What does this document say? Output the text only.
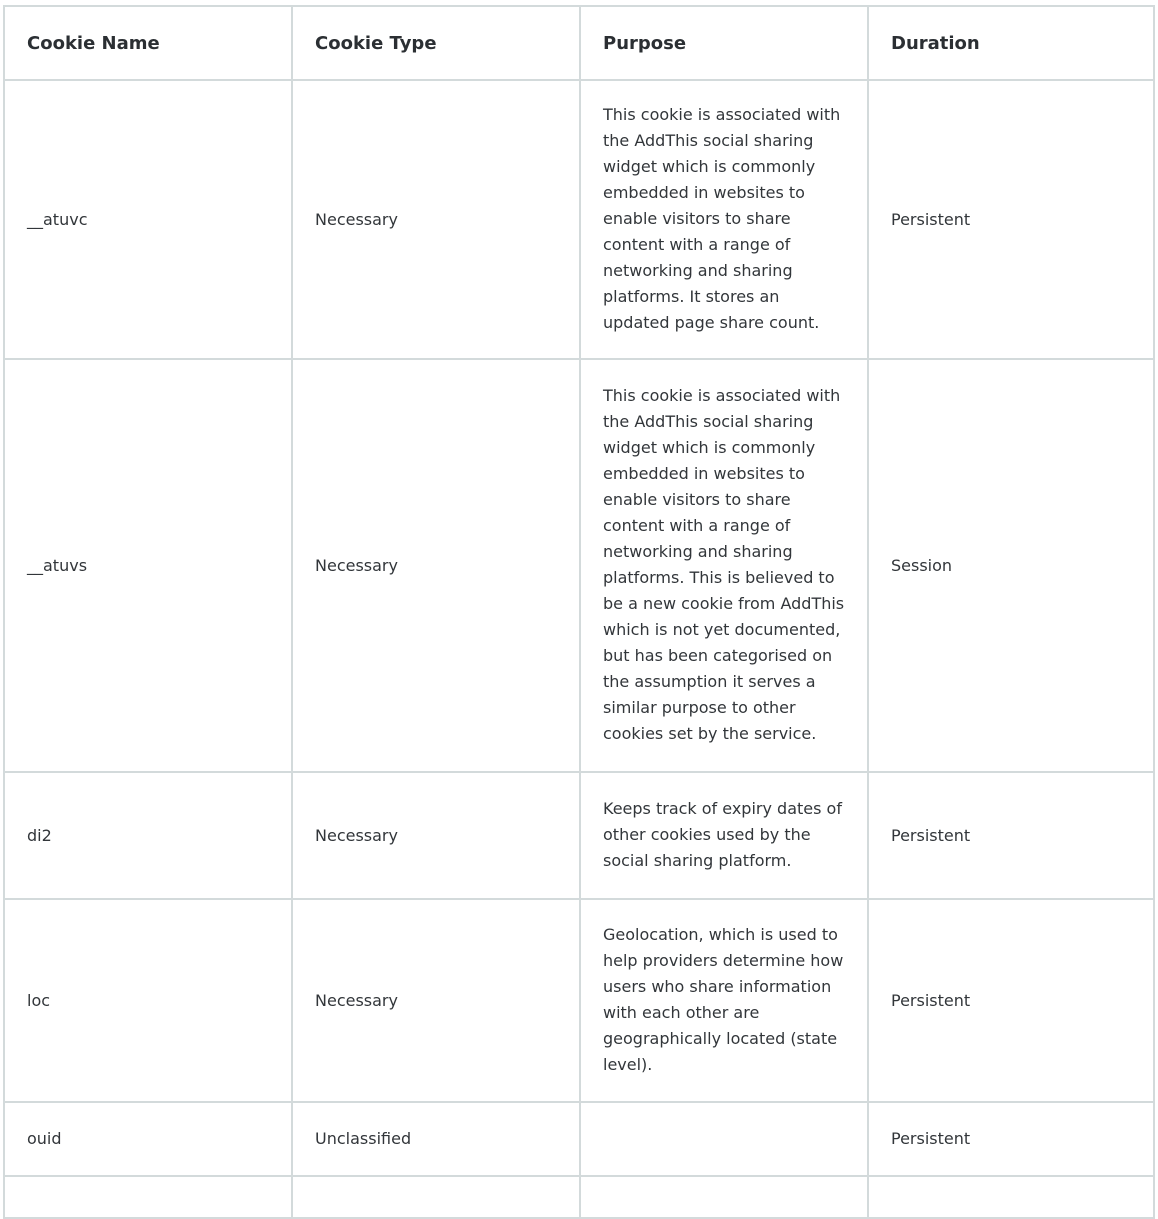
Cookie Name	Cookie Type	Purpose	Duration
__atuvc	Necessary	This cookie is associated with the AddThis social sharing widget which is commonly embedded in websites to enable visitors to share content with a range of networking and sharing platforms. It stores an updated page share count.	Persistent
__atuvs	Necessary	This cookie is associated with the AddThis social sharing widget which is commonly embedded in websites to enable visitors to share content with a range of networking and sharing platforms. This is believed to be a new cookie from AddThis which is not yet documented, but has been categorised on the assumption it serves a similar purpose to other cookies set by the service.	Session
di2	Necessary	Keeps track of expiry dates of other cookies used by the social sharing platform.	Persistent
loc	Necessary	Geolocation, which is used to help providers determine how users who share information with each other are geographically located (state level).	Persistent
ouid	Unclassified		Persistent
